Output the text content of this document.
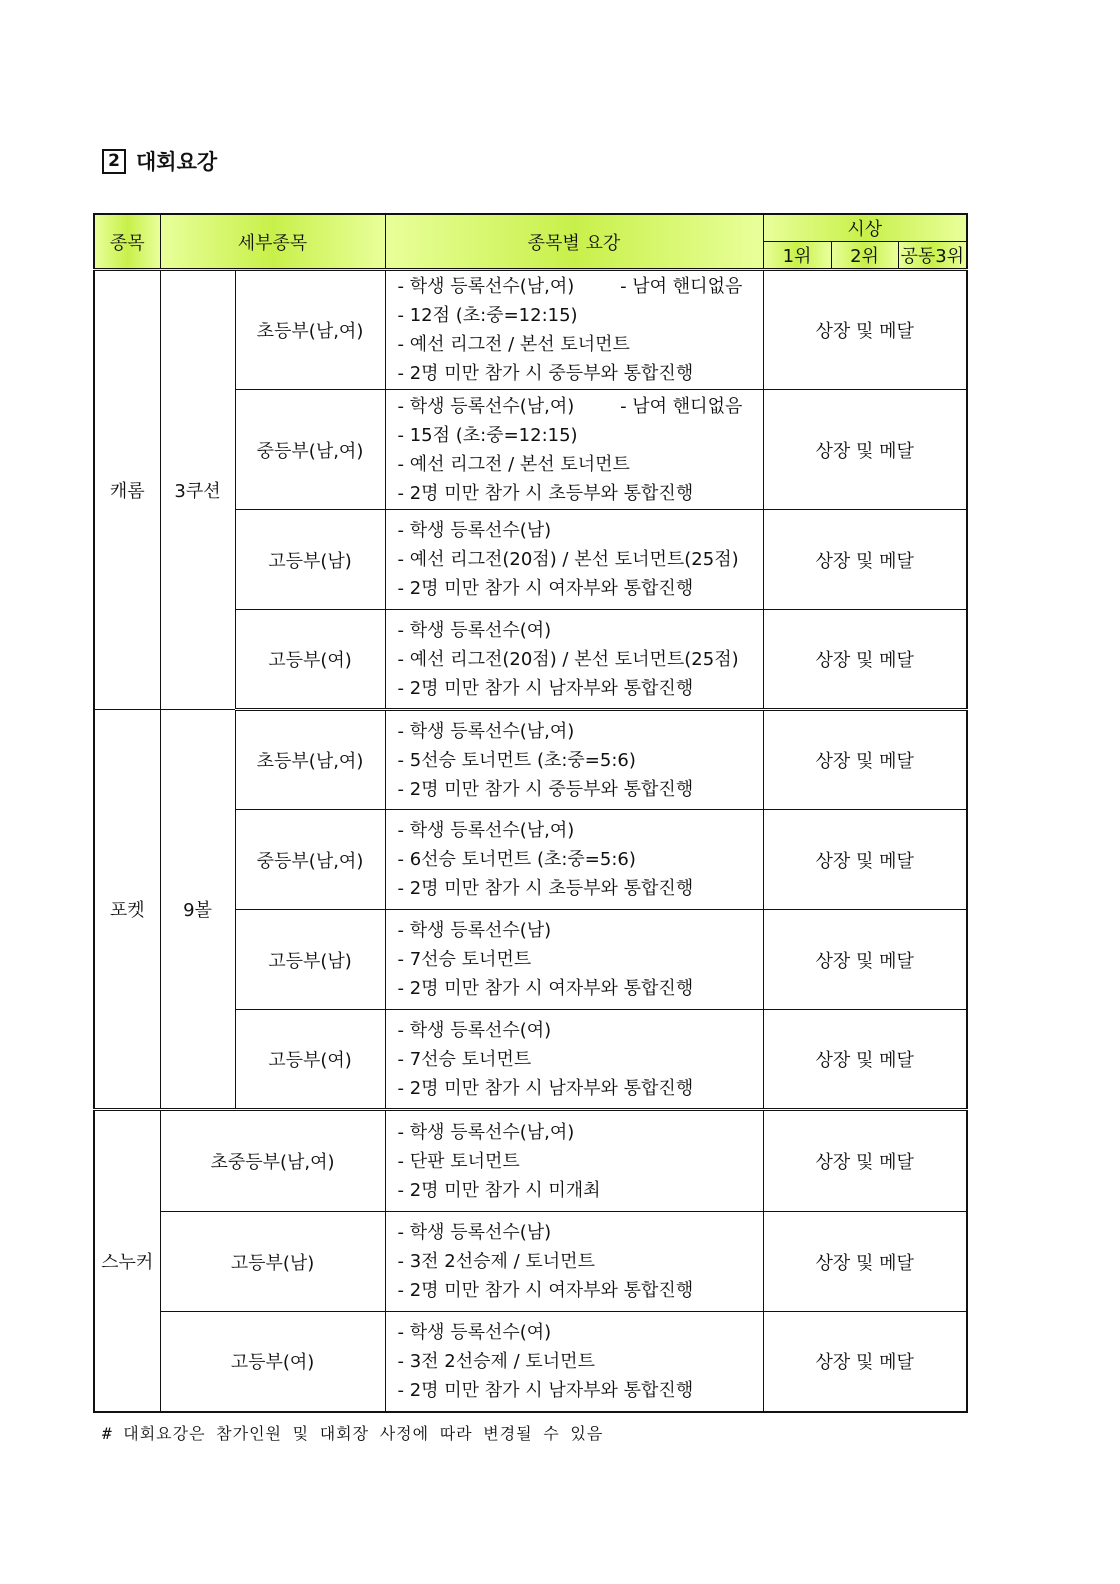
2 대회요강
종목	세부종목		종목별 요강	시상		
				1위	2위	공동3위
캐롬	3쿠션	초등부(남,여)	- 학생 등록선수(남,여)        - 남여 핸디없음
- 12점 (초:중=12:15)
- 예선 리그전 / 본선 토너먼트
- 2명 미만 참가 시 중등부와 통합진행	상장 및 메달		
		중등부(남,여)	- 학생 등록선수(남,여)        - 남여 핸디없음
- 15점 (초:중=12:15)
- 예선 리그전 / 본선 토너먼트
- 2명 미만 참가 시 초등부와 통합진행	상장 및 메달		
		고등부(남)	- 학생 등록선수(남)
- 예선 리그전(20점) / 본선 토너먼트(25점)
- 2명 미만 참가 시 여자부와 통합진행	상장 및 메달		
		고등부(여)	- 학생 등록선수(여)
- 예선 리그전(20점) / 본선 토너먼트(25점)
- 2명 미만 참가 시 남자부와 통합진행	상장 및 메달		
포켓	9볼	초등부(남,여)	- 학생 등록선수(남,여)
- 5선승 토너먼트 (초:중=5:6)
- 2명 미만 참가 시 중등부와 통합진행	상장 및 메달		
		중등부(남,여)	- 학생 등록선수(남,여)
- 6선승 토너먼트 (초:중=5:6)
- 2명 미만 참가 시 초등부와 통합진행	상장 및 메달		
		고등부(남)	- 학생 등록선수(남)
- 7선승 토너먼트
- 2명 미만 참가 시 여자부와 통합진행	상장 및 메달		
		고등부(여)	- 학생 등록선수(여)
- 7선승 토너먼트
- 2명 미만 참가 시 남자부와 통합진행	상장 및 메달		
스누커	초중등부(남,여)		- 학생 등록선수(남,여)
- 단판 토너먼트
- 2명 미만 참가 시 미개최	상장 및 메달		
	고등부(남)		- 학생 등록선수(남)
- 3전 2선승제 / 토너먼트
- 2명 미만 참가 시 여자부와 통합진행	상장 및 메달		
	고등부(여)		- 학생 등록선수(여)
- 3전 2선승제 / 토너먼트
- 2명 미만 참가 시 남자부와 통합진행	상장 및 메달		
# 대회요강은 참가인원 및 대회장 사정에 따라 변경될 수 있음
